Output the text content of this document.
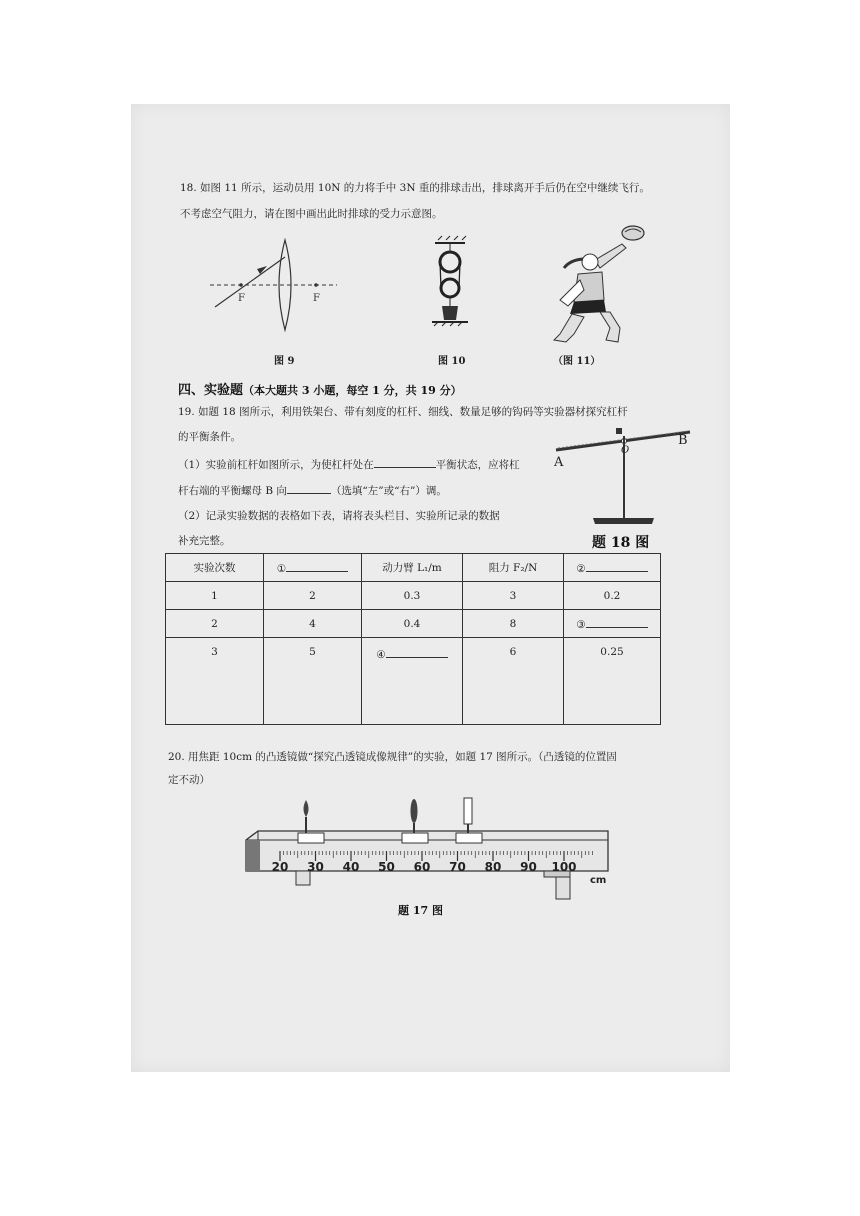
18. 如图 11 所示，运动员用 10N 的力将手中 3N 重的排球击出，排球离开手后仍在空中继续飞行。
不考虑空气阻力，请在图中画出此时排球的受力示意图。
F	F
图 9	图 10	（图 11）
四、实验题（本大题共 3 小题，每空 1 分，共 19 分）
19. 如题 18 图所示，利用铁架台、带有刻度的杠杆、细线、数量足够的钩码等实验器材探究杠杆
的平衡条件。
（1）实验前杠杆如图所示，为使杠杆处在	平衡状态，应将杠
杆右端的平衡螺母 B 向	（选填“左”或“右”）调。
（2）记录实验数据的表格如下表，请将表头栏目、实验所记录的数据
补充完整。
A
O
B
题 18 图
实验次数	①	动力臂 L₁/m	阻力 F₂/N	②
1	2	0.3	3	0.2
2	4	0.4	8	③
3	5	④	6	0.25
20. 用焦距 10cm 的凸透镜做“探究凸透镜成像规律”的实验，如题 17 图所示。（凸透镜的位置固
定不动）
20 30 40 50 60 70 80 90 100
cm
题 17 图
